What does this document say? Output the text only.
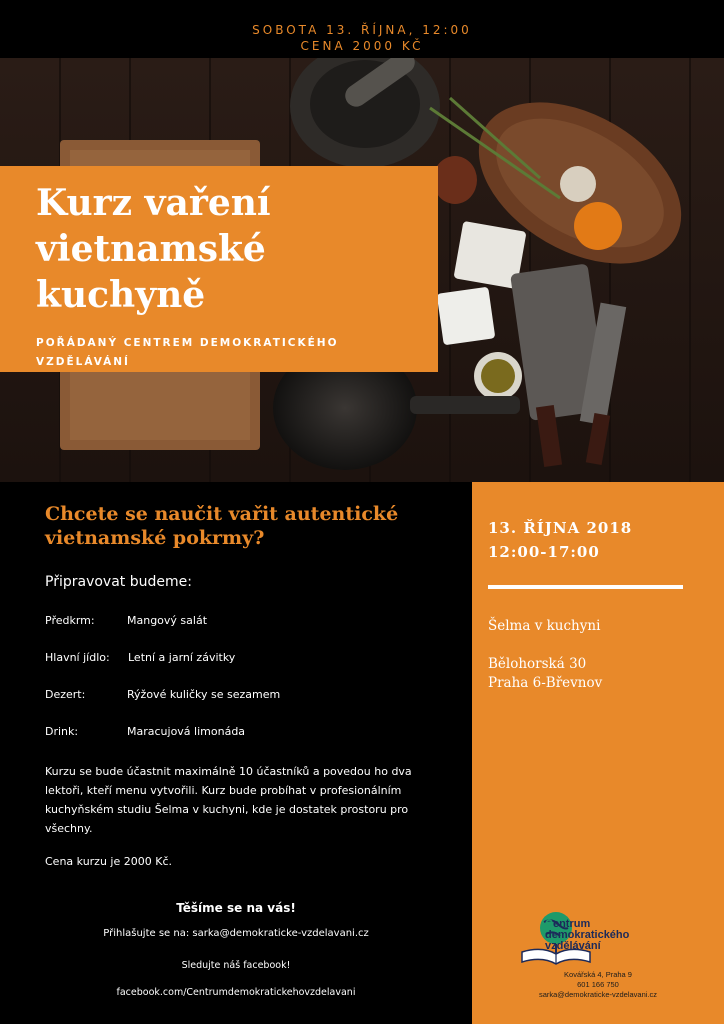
SOBOTA 13. ŘÍJNA, 12:00
CENA 2000 KČ
Kurz vaření
vietnamské
kuchyně
POŘÁDANÝ CENTREM DEMOKRATICKÉHO
VZDĚLÁVÁNÍ
Chcete se naučit vařit autentické
vietnamské pokrmy?
Připravovat budeme:
Předkrm:	Mangový salát
Hlavní jídlo: Letní a jarní závitky
Dezert:	Rýžové kuličky se sezamem
Drink:	Maracujová limonáda
Kurzu se bude účastnit maximálně 10 účastníků a povedou ho dva lektoři, kteří menu vytvořili. Kurz bude probíhat v profesionálním kuchyňském studiu Šelma v kuchyni, kde je dostatek prostoru pro všechny.
Cena kurzu je 2000 Kč.
Těšíme se na vás!
Přihlašujte se na: sarka@demokraticke-vzdelavani.cz
Sledujte náš facebook!
facebook.com/Centrumdemokratickehovzdelavani
13. ŘÍJNA 2018
12:00-17:00
Šelma v kuchyni
Bělohorská 30
Praha 6-Břevnov
Centrum
demokratického
vzdělávání
Kovářská 4, Praha 9
601 166 750
sarka@demokraticke-vzdelavani.cz
